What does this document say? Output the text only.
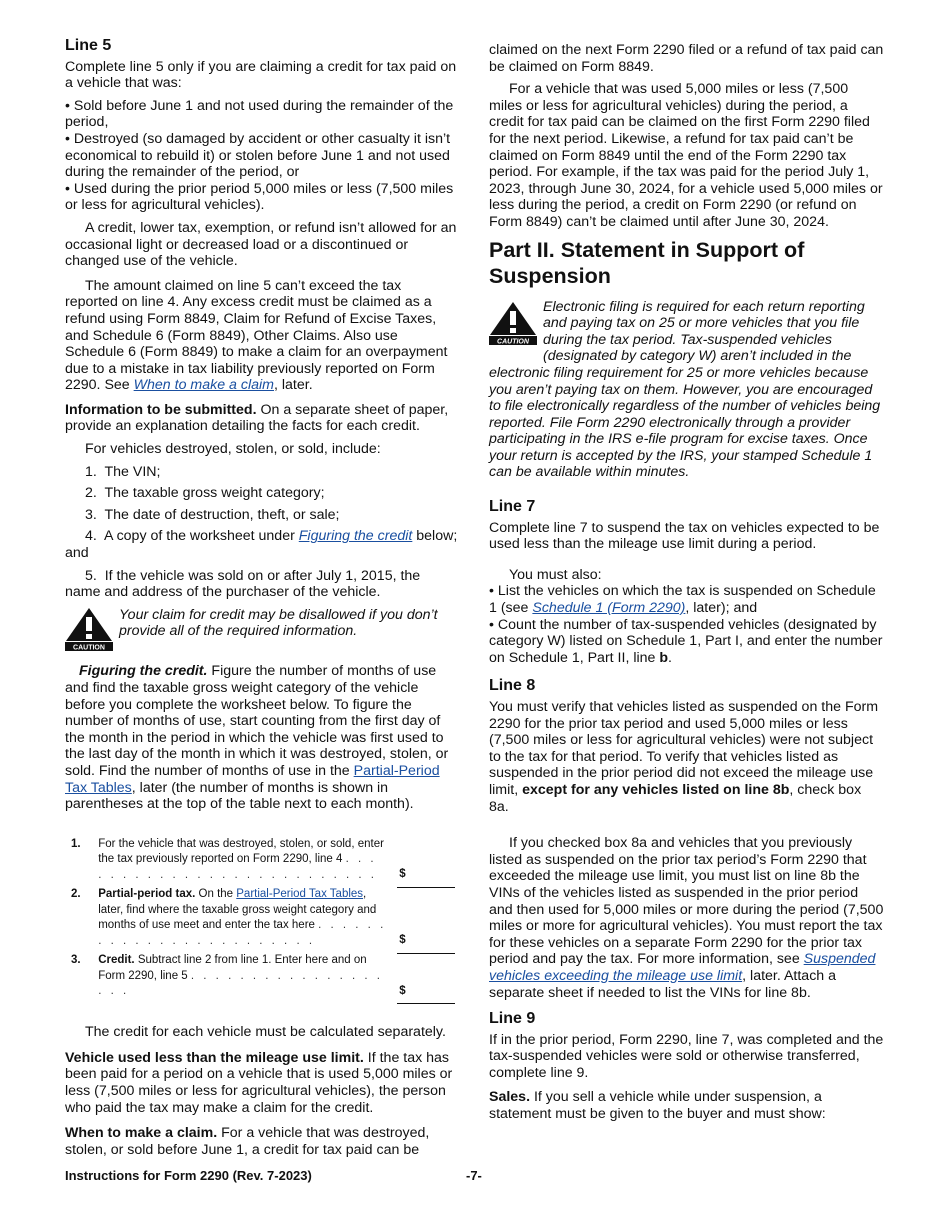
Line 5

Complete line 5 only if you are claiming a credit for tax paid on a vehicle that was:

• Sold before June 1 and not used during the remainder of the period,

• Destroyed (so damaged by accident or other casualty it isn’t economical to rebuild it) or stolen before June 1 and not used during the remainder of the period, or

• Used during the prior period 5,000 miles or less (7,500 miles or less for agricultural vehicles).

A credit, lower tax, exemption, or refund isn’t allowed for an occasional light or decreased load or a discontinued or changed use of the vehicle.

The amount claimed on line 5 can’t exceed the tax reported on line 4. Any excess credit must be claimed as a refund using Form 8849, Claim for Refund of Excise Taxes, and Schedule 6 (Form 8849), Other Claims. Also use Schedule 6 (Form 8849) to make a claim for an overpayment due to a mistake in tax liability previously reported on Form 2290. See When to make a claim, later.

Information to be submitted. On a separate sheet of paper, provide an explanation detailing the facts for each credit.

For vehicles destroyed, stolen, or sold, include:

1. The VIN;

2. The taxable gross weight category;

3. The date of destruction, theft, or sale;

4. A copy of the worksheet under Figuring the credit below; and

5. If the vehicle was sold on or after July 1, 2015, the name and address of the purchaser of the vehicle.

CAUTION
Your claim for credit may be disallowed if you don’t provide all of the required information.

Figuring the credit. Figure the number of months of use and find the taxable gross weight category of the vehicle before you complete the worksheet below. To figure the number of months of use, start counting from the first day of the month in the period in which the vehicle was first used to the last day of the month in which it was destroyed, stolen, or sold. Find the number of months of use in the Partial-Period Tax Tables, later (the number of months is shown in parentheses at the top of the table next to each month).

1.	For the vehicle that was destroyed, stolen, or sold, enter the tax previously reported on Form 2290, line 4 . . . . . . . . . . . . . . . . . . . . . . . . . .		$
2.	Partial-period tax. On the Partial-Period Tax Tables, later, find where the taxable gross weight category and months of use meet and enter the tax here . . . . . . . . . . . . . . . . . . . . . . . .		$
3.	Credit. Subtract line 2 from line 1. Enter here and on Form 2290, line 5 . . . . . . . . . . . . . . . . . . .		$

The credit for each vehicle must be calculated separately.

Vehicle used less than the mileage use limit. If the tax has been paid for a period on a vehicle that is used 5,000 miles or less (7,500 miles or less for agricultural vehicles), the person who paid the tax may make a claim for the credit.

When to make a claim. For a vehicle that was destroyed, stolen, or sold before June 1, a credit for tax paid can be

claimed on the next Form 2290 filed or a refund of tax paid can be claimed on Form 8849.

For a vehicle that was used 5,000 miles or less (7,500 miles or less for agricultural vehicles) during the period, a credit for tax paid can be claimed on the first Form 2290 filed for the next period. Likewise, a refund for tax paid can’t be claimed on Form 8849 until the end of the Form 2290 tax period. For example, if the tax was paid for the period July 1, 2023, through June 30, 2024, for a vehicle used 5,000 miles or less during the period, a credit on Form 2290 (or refund on Form 8849) can’t be claimed until after June 30, 2024.

Part II. Statement in Support of Suspension
CAUTION
Electronic filing is required for each return reporting and paying tax on 25 or more vehicles that you file during the tax period. Tax-suspended vehicles (designated by category W) aren’t included in the electronic filing requirement for 25 or more vehicles because you aren’t paying tax on them. However, you are encouraged to file electronically regardless of the number of vehicles being reported. File Form 2290 electronically through a provider participating in the IRS e-file program for excise taxes. Once your return is accepted by the IRS, your stamped Schedule 1 can be available within minutes.
Line 7

Complete line 7 to suspend the tax on vehicles expected to be used less than the mileage use limit during a period.

You must also:

• List the vehicles on which the tax is suspended on Schedule 1 (see Schedule 1 (Form 2290), later); and

• Count the number of tax-suspended vehicles (designated by category W) listed on Schedule 1, Part I, and enter the number on Schedule 1, Part II, line b.

Line 8

You must verify that vehicles listed as suspended on the Form 2290 for the prior tax period and used 5,000 miles or less (7,500 miles or less for agricultural vehicles) were not subject to the tax for that period. To verify that vehicles listed as suspended in the prior period did not exceed the mileage use limit, except for any vehicles listed on line 8b, check box 8a.

If you checked box 8a and vehicles that you previously listed as suspended on the prior tax period’s Form 2290 that exceeded the mileage use limit, you must list on line 8b the VINs of the vehicles listed as suspended in the prior period and then used for 5,000 miles or more during the period (7,500 miles or more for agricultural vehicles). You must report the tax for these vehicles on a separate Form 2290 for the prior tax period and pay the tax. For more information, see Suspended vehicles exceeding the mileage use limit, later. Attach a separate sheet if needed to list the VINs for line 8b.

Line 9

If in the prior period, Form 2290, line 7, was completed and the tax-suspended vehicles were sold or otherwise transferred, complete line 9.

Sales. If you sell a vehicle while under suspension, a statement must be given to the buyer and must show:

Instructions for Form 2290 (Rev. 7-2023)	-7-
